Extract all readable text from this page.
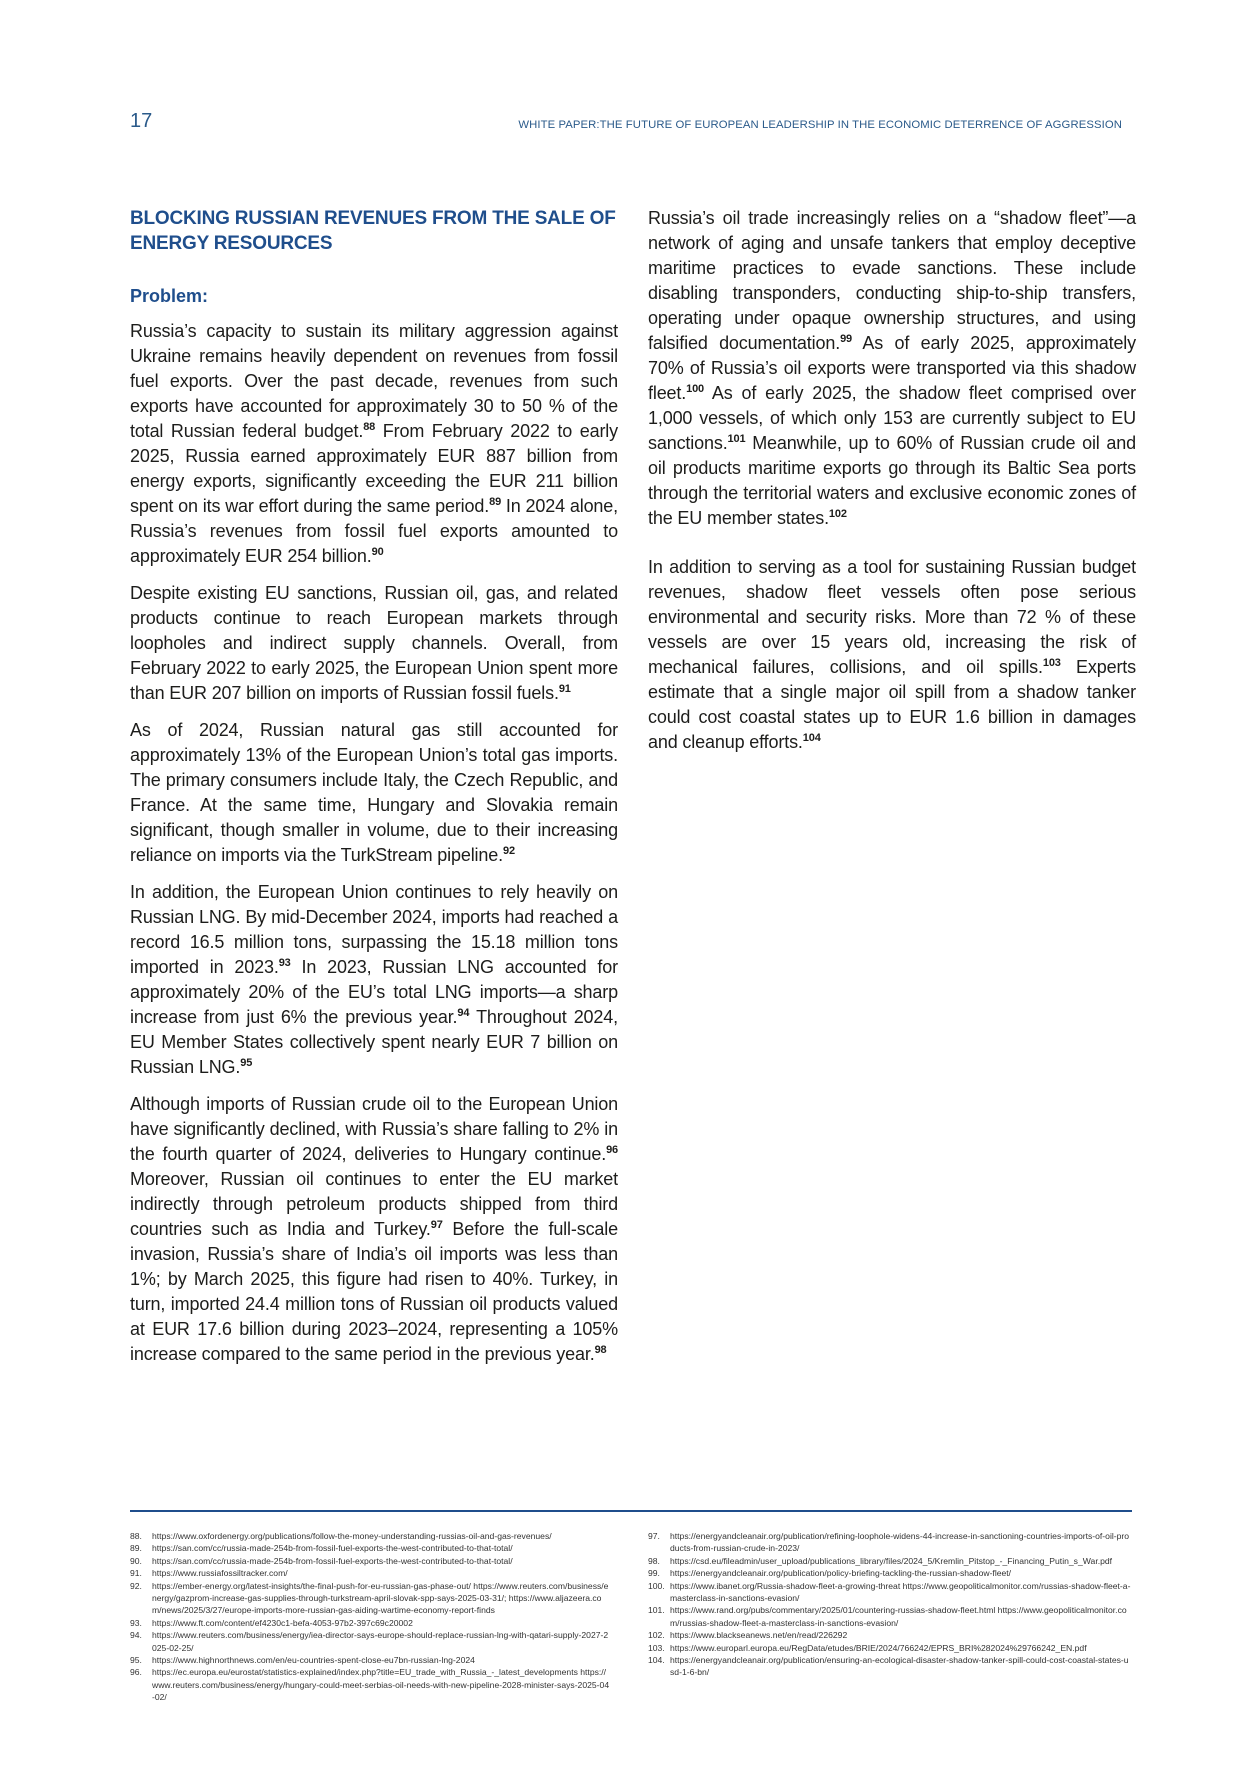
17	WHITE PAPER:THE FUTURE OF EUROPEAN LEADERSHIP IN THE ECONOMIC DETERRENCE OF AGGRESSION
BLOCKING RUSSIAN REVENUES FROM THE SALE OF ENERGY RESOURCES
Problem:

Russia’s capacity to sustain its military aggression against Ukraine remains heavily dependent on revenues from fossil fuel exports. Over the past decade, revenues from such exports have accounted for approximately 30 to 50 % of the total Russian federal budget.$^{88}$ From February 2022 to early 2025, Russia earned approximately EUR 887 billion from energy exports, significantly exceeding the EUR 211 billion spent on its war effort during the same period.$^{89}$ In 2024 alone, Russia’s revenues from fossil fuel exports amounted to approximately EUR 254 billion.$^{90}$

Despite existing EU sanctions, Russian oil, gas, and related products continue to reach European markets through loopholes and indirect supply channels. Overall, from February 2022 to early 2025, the European Union spent more than EUR 207 billion on imports of Russian fossil fuels.$^{91}$

As of 2024, Russian natural gas still accounted for approximately 13% of the European Union’s total gas imports. The primary consumers include Italy, the Czech Republic, and France. At the same time, Hungary and Slovakia remain significant, though smaller in volume, due to their increasing reliance on imports via the TurkStream pipeline.$^{92}$

In addition, the European Union continues to rely heavily on Russian LNG. By mid-December 2024, imports had reached a record 16.5 million tons, surpassing the 15.18 million tons imported in 2023.93 In 2023, Russian LNG accounted for approximately 20% of the EU’s total LNG imports—a sharp increase from just 6% the previous year.$^{94}$ Throughout 2024, EU Member States collectively spent nearly EUR 7 billion on Russian LNG.$^{95}$

Although imports of Russian crude oil to the European Union have significantly declined, with Russia’s share falling to 2% in the fourth quarter of 2024, deliveries to Hungary continue.$^{96}$ Moreover, Russian oil continues to enter the EU market indirectly through petroleum products shipped from third countries such as India and Turkey.$^{97}$ Before the full-scale invasion, Russia’s share of India’s oil imports was less than 1%; by March 2025, this figure had risen to 40%. Turkey, in turn, imported 24.4 million tons of Russian oil products valued at EUR 17.6 billion during 2023–2024, representing a 105% increase compared to the same period in the previous year.$^{98}$

Russia’s oil trade increasingly relies on a “shadow fleet”—a network of aging and unsafe tankers that employ deceptive maritime practices to evade sanctions. These include disabling transponders, conducting ship-to-ship transfers, operating under opaque ownership structures, and using falsified documentation.$^{99}$ As of early 2025, approximately 70% of Russia’s oil exports were transported via this shadow fleet.$^{100}$ As of early 2025, the shadow fleet comprised over 1,000 vessels, of which only 153 are currently subject to EU sanctions.$^{101}$ Meanwhile, up to 60% of Russian crude oil and oil products maritime exports go through its Baltic Sea ports through the territorial waters and exclusive economic zones of the EU member states.$^{102}$

In addition to serving as a tool for sustaining Russian budget revenues, shadow fleet vessels often pose serious environmental and security risks. More than 72 % of these vessels are over 15 years old, increasing the risk of mechanical failures, collisions, and oil spills.$^{103}$ Experts estimate that a single major oil spill from a shadow tanker could cost coastal states up to EUR 1.6 billion in damages and cleanup efforts.$^{104}$

88.	https://www.oxfordenergy.org/publications/follow-the-money-understanding-russias-oil-and-gas-revenues/
89.	https://san.com/cc/russia-made-254b-from-fossil-fuel-exports-the-west-contributed-to-that-total/
90.	https://san.com/cc/russia-made-254b-from-fossil-fuel-exports-the-west-contributed-to-that-total/
91.	https://www.russiafossiltracker.com/
92.	https://ember-energy.org/latest-insights/the-final-push-for-eu-russian-gas-phase-out/ https://www.reuters.com/business/energy/gazprom-increase-gas-supplies-through-turkstream-april-slovak-spp-says-2025-03-31/; https://www.aljazeera.com/news/2025/3/27/europe-imports-more-russian-gas-aiding-wartime-economy-report-finds
93.	https://www.ft.com/content/ef4230c1-befa-4053-97b2-397c69c20002
94.	https://www.reuters.com/business/energy/iea-director-says-europe-should-replace-russian-lng-with-qatari-supply-2027-2025-02-25/
95.	https://www.highnorthnews.com/en/eu-countries-spent-close-eu7bn-russian-lng-2024
96.	https://ec.europa.eu/eurostat/statistics-explained/index.php?title=EU_trade_with_Russia_-_latest_developments https://www.reuters.com/business/energy/hungary-could-meet-serbias-oil-needs-with-new-pipeline-2028-minister-says-2025-04-02/
97.	https://energyandcleanair.org/publication/refining-loophole-widens-44-increase-in-sanctioning-countries-imports-of-oil-products-from-russian-crude-in-2023/
98.	https://csd.eu/fileadmin/user_upload/publications_library/files/2024_5/Kremlin_Pitstop_-_Financing_Putin_s_War.pdf
99.	https://energyandcleanair.org/publication/policy-briefing-tackling-the-russian-shadow-fleet/
100. https://www.ibanet.org/Russia-shadow-fleet-a-growing-threat https://www.geopoliticalmonitor.com/russias-shadow-fleet-a-masterclass-in-sanctions-evasion/
101. https://www.rand.org/pubs/commentary/2025/01/countering-russias-shadow-fleet.html https://www.geopoliticalmonitor.com/russias-shadow-fleet-a-masterclass-in-sanctions-evasion/
102. https://www.blackseanews.net/en/read/226292
103. https://www.europarl.europa.eu/RegData/etudes/BRIE/2024/766242/EPRS_BRI%282024%29766242_EN.pdf
104. https://energyandcleanair.org/publication/ensuring-an-ecological-disaster-shadow-tanker-spill-could-cost-coastal-states-usd-1-6-bn/
